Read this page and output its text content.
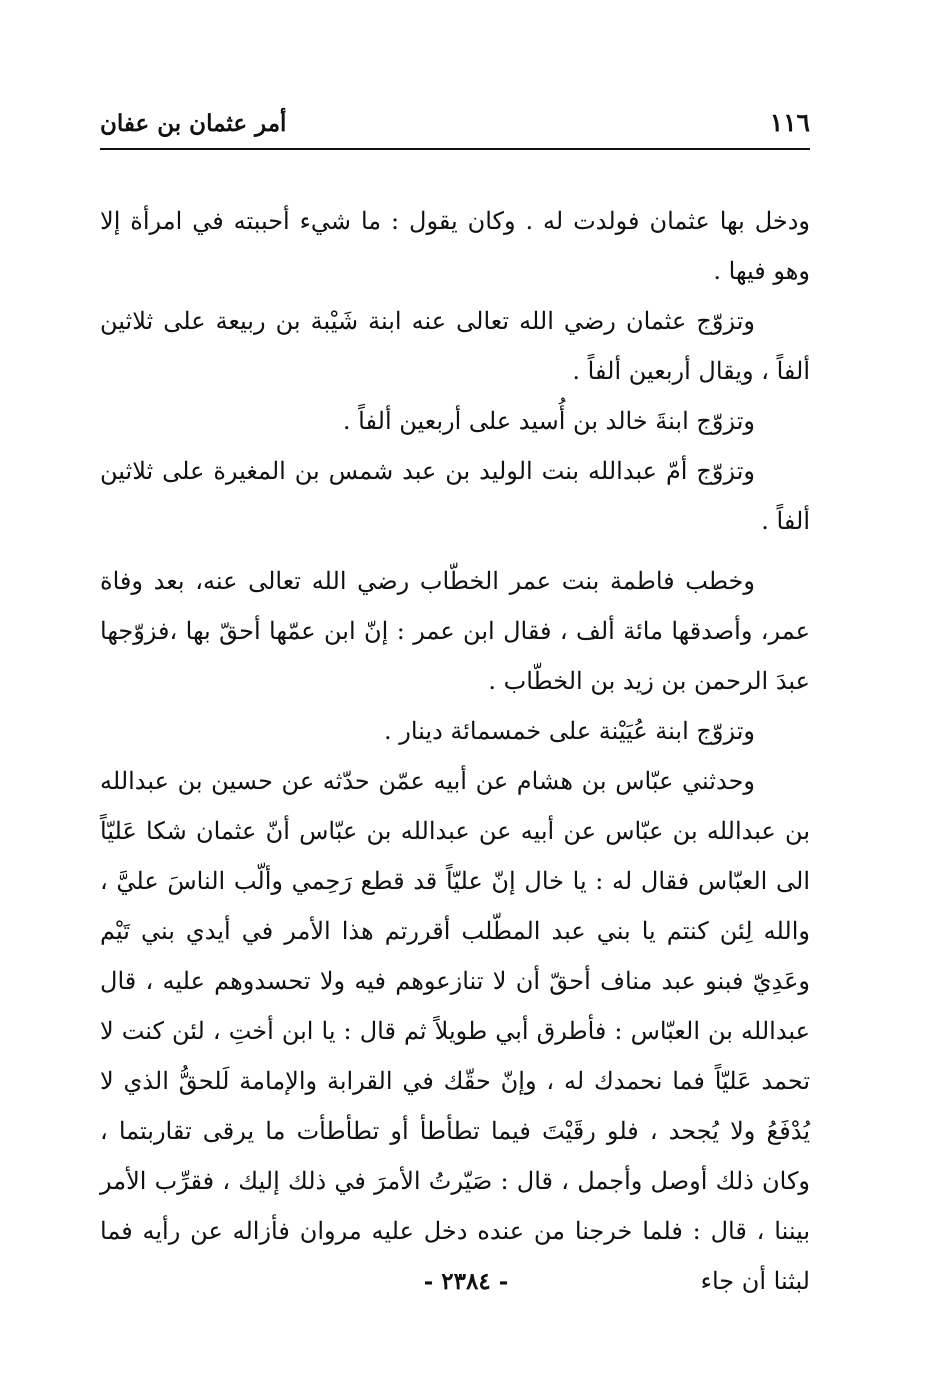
١١٦
أمر عثمان بن عفان

ودخل بها عثمان فولدت له . وكان يقول : ما شيء أحببته في امرأة إلا وهو فيها .

وتزوّج عثمان رضي الله تعالى عنه ابنة شَيْبة بن ربيعة على ثلاثين ألفاً ، ويقال أربعين ألفاً .

وتزوّج ابنةَ خالد بن أُسيد على أربعين ألفاً .

وتزوّج أمّ عبدالله بنت الوليد بن عبد شمس بن المغيرة على ثلاثين ألفاً .

وخطب فاطمة بنت عمر الخطّاب رضي الله تعالى عنه، بعد وفاة عمر، وأصدقها مائة ألف ، فقال ابن عمر : إنّ ابن عمّها أحقّ بها ،فزوّجها عبدَ الرحمن بن زيد بن الخطّاب .

وتزوّج ابنة عُيَيْنة على خمسمائة دينار .

وحدثني عبّاس بن هشام عن أبيه عمّن حدّثه عن حسين بن عبدالله بن عبدالله بن عبّاس عن أبيه عن عبدالله بن عبّاس أنّ عثمان شكا عَليّاً الى العبّاس فقال له : يا خال إنّ عليّاً قد قطع رَحِمي وألّب الناسَ عليَّ ، والله لِئن كنتم يا بني عبد المطّلب أقررتم هذا الأمر في أيدي بني تَيْم وعَدِيّ فبنو عبد مناف أحقّ أن لا تنازعوهم فيه ولا تحسدوهم عليه ، قال عبدالله بن العبّاس : فأطرق أبي طويلاً ثم قال : يا ابن أختِ ، لئن كنت لا تحمد عَليّاً فما نحمدك له ، وإنّ حقّك في القرابة والإمامة لَلحقُّ الذي لا يُدْفَعُ ولا يُجحد ، فلو رقَيْتَ فيما تطأطأ أو تطأطأت ما يرقى تقاربتما ، وكان ذلك أوصل وأجمل ، قال : صَيّرتُ الأمرَ في ذلك إليك ، فقرِّب الأمر بيننا ، قال : فلما خرجنا من عنده دخل عليه مروان فأزاله عن رأيه فما لبثنا أن جاء

- ٢٣٨٤ -
